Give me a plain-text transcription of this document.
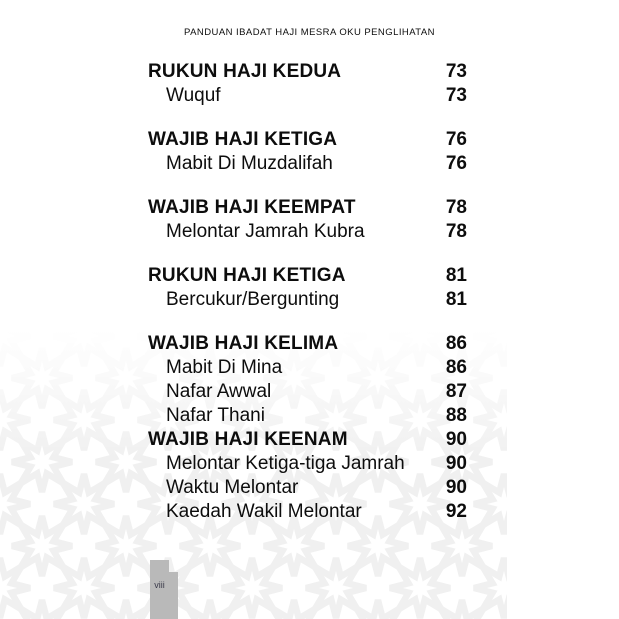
PANDUAN IBADAT HAJI MESRA OKU PENGLIHATAN
RUKUN HAJI KEDUA	73
Wuquf	73
WAJIB HAJI KETIGA	76
Mabit Di Muzdalifah	76
WAJIB HAJI KEEMPAT	78
Melontar Jamrah Kubra	78
RUKUN HAJI KETIGA	81
Bercukur/Bergunting	81
WAJIB HAJI KELIMA	86
Mabit Di Mina	86
Nafar Awwal	87
Nafar Thani	88
WAJIB HAJI KEENAM	90
Melontar Ketiga-tiga Jamrah 90
Waktu Melontar	90
Kaedah Wakil Melontar	92
viii
